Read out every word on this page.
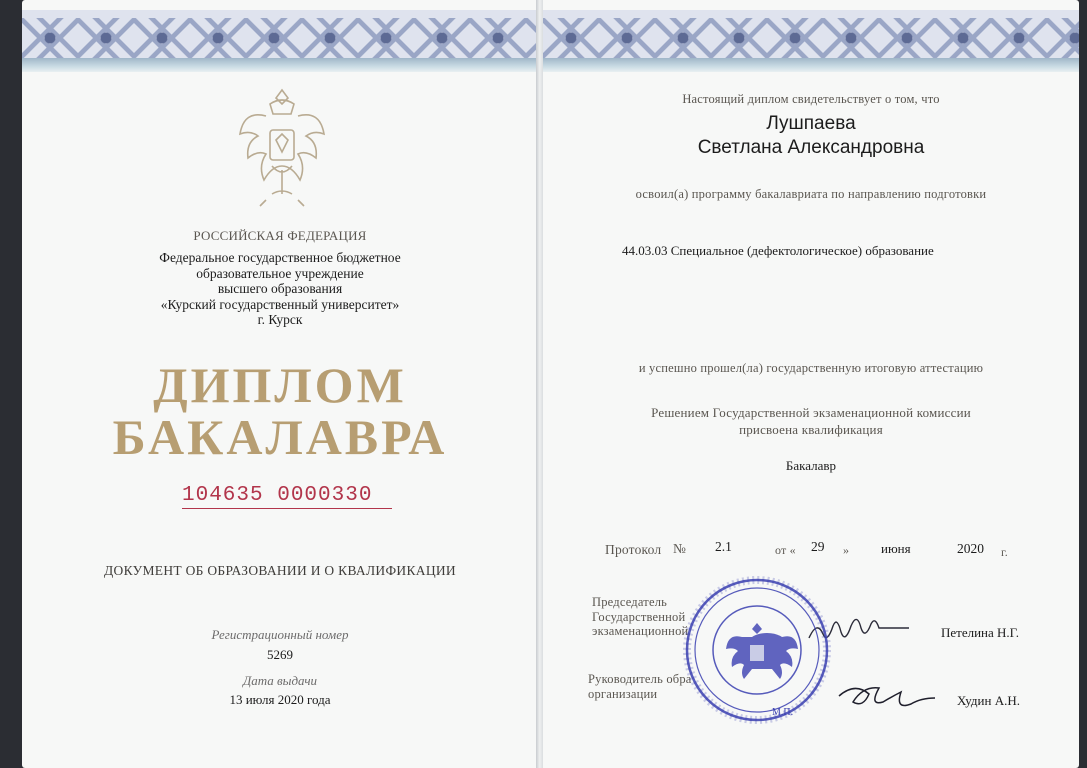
РОССИЙСКАЯ ФЕДЕРАЦИЯ
Федеральное государственное бюджетное
образовательное учреждение
высшего образования
«Курский государственный университет»
г. Курск
ДИПЛОМ
БАКАЛАВРА
104635 0000330
ДОКУМЕНТ ОБ ОБРАЗОВАНИИ И О КВАЛИФИКАЦИИ
Регистрационный номер
5269
Дата выдачи
13 июля 2020 года
Настоящий диплом свидетельствует о том, что
Лушпаева
Светлана Александровна
освоил(а) программу бакалавриата по направлению подготовки
44.03.03 Специальное (дефектологическое) образование
и успешно прошел(ла) государственную итоговую аттестацию
Решением Государственной экзаменационной комиссии
присвоена квалификация
Бакалавр
Протокол № 2.1	от « 29 » июня	2020 г.
Председатель
Государственной
экзаменационной	Петелина Н.Г.
Руководитель обра
организации	Худин А.Н.
М.П.
